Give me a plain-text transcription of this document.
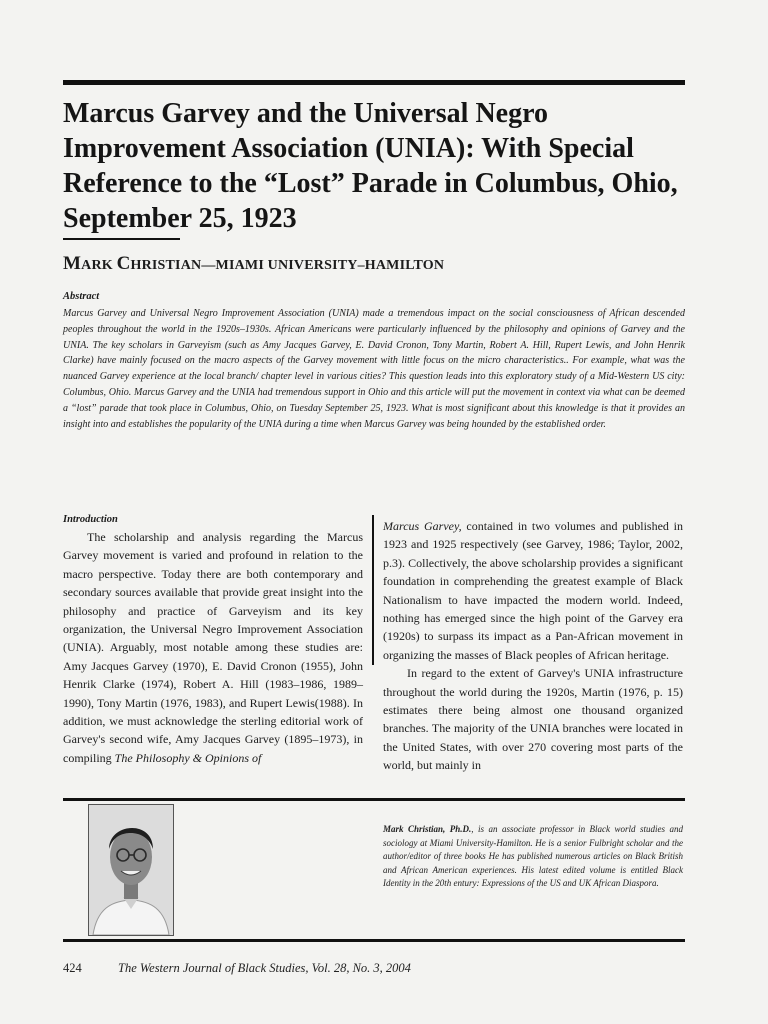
Marcus Garvey and the Universal Negro Improvement Association (UNIA): With Special Reference to the “Lost” Parade in Columbus, Ohio, September 25, 1923
MARK CHRISTIAN—MIAMI UNIVERSITY–HAMILTON
Abstract

Marcus Garvey and Universal Negro Improvement Association (UNIA) made a tremendous impact on the social consciousness of African descended peoples throughout the world in the 1920s–1930s. African Americans were particularly influenced by the philosophy and opinions of Garvey and the UNIA. The key scholars in Garveyism (such as Amy Jacques Garvey, E. David Cronon, Tony Martin, Robert A. Hill, Rupert Lewis, and John Henrik Clarke) have mainly focused on the macro aspects of the Garvey movement with little focus on the micro characteristics.. For example, what was the nuanced Garvey experience at the local branch/ chapter level in various cities? This question leads into this exploratory study of a Mid-Western US city: Columbus, Ohio. Marcus Garvey and the UNIA had tremendous support in Ohio and this article will put the movement in context via what can be deemed a “lost” parade that took place in Columbus, Ohio, on Tuesday September 25, 1923. What is most significant about this knowledge is that it provides an insight into and establishes the popularity of the UNIA during a time when Marcus Garvey was being hounded by the established order.

Introduction

The scholarship and analysis regarding the Marcus Garvey movement is varied and profound in relation to the macro perspective. Today there are both contemporary and secondary sources available that provide great insight into the philosophy and practice of Garveyism and its key organization, the Universal Negro Improvement Association (UNIA). Arguably, most notable among these studies are: Amy Jacques Garvey (1970), E. David Cronon (1955), John Henrik Clarke (1974), Robert A. Hill (1983–1986, 1989–1990), Tony Martin (1976, 1983), and Rupert Lewis(1988). In addition, we must acknowledge the sterling editorial work of Garvey's second wife, Amy Jacques Garvey (1895–1973), in compiling The Philosophy & Opinions of

Marcus Garvey, contained in two volumes and published in 1923 and 1925 respectively (see Garvey, 1986; Taylor, 2002, p.3). Collectively, the above scholarship provides a significant foundation in comprehending the greatest example of Black Nationalism to have impacted the modern world. Indeed, nothing has emerged since the high point of the Garvey era (1920s) to surpass its impact as a Pan-African movement in organizing the masses of Black peoples of African heritage.

In regard to the extent of Garvey's UNIA infrastructure throughout the world during the 1920s, Martin (1976, p. 15) estimates there being almost one thousand organized branches. The majority of the UNIA branches were located in the United States, with over 270 covering most parts of the world, but mainly in

Mark Christian, Ph.D., is an associate professor in Black world studies and sociology at Miami University-Hamilton. He is a senior Fulbright scholar and the author/editor of three books He has published numerous articles on Black British and African American experiences. His latest edited volume is entitled Black Identity in the 20th entury: Expressions of the US and UK African Diaspora.

424	The Western Journal of Black Studies, Vol. 28, No. 3, 2004
